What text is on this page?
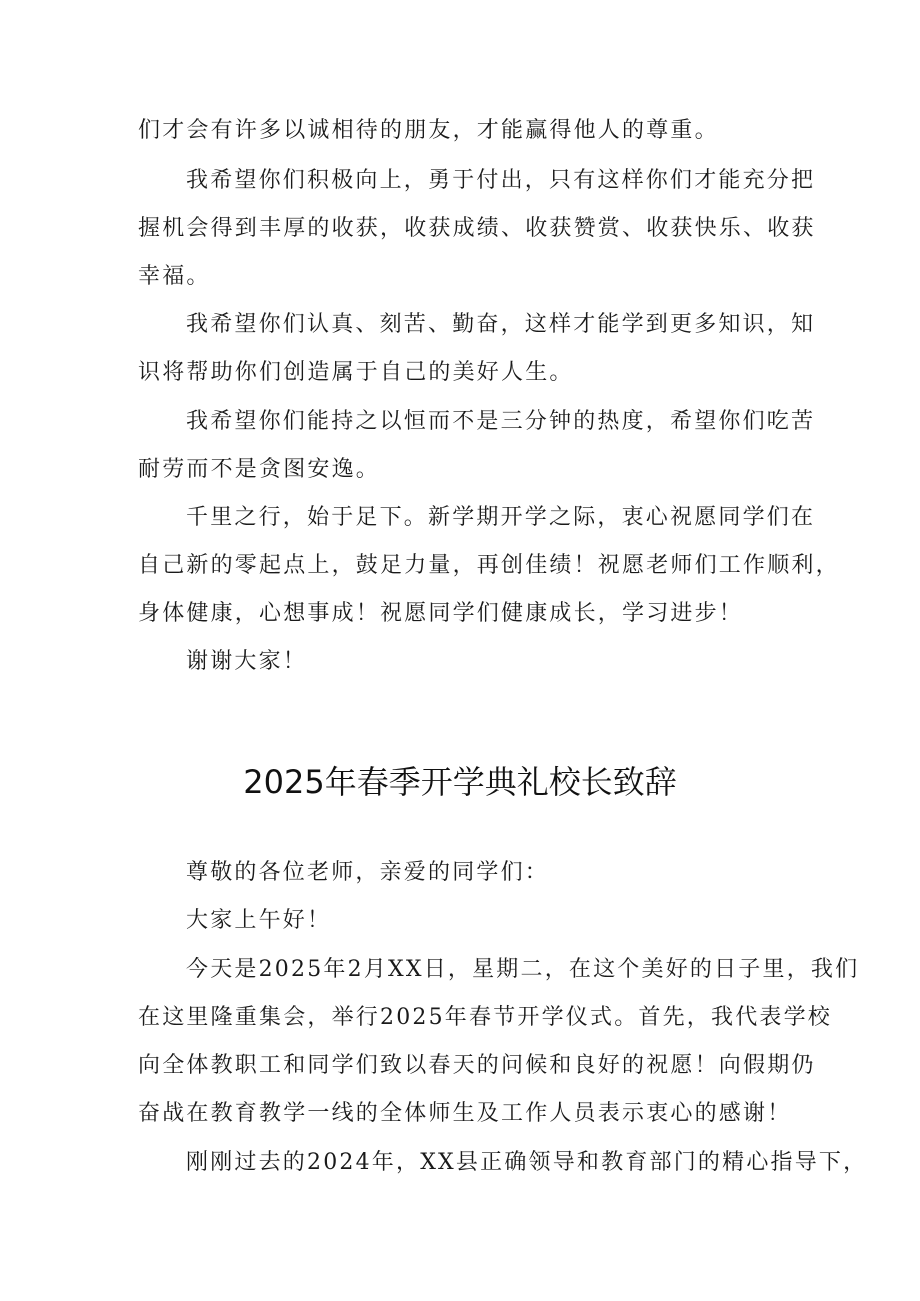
们才会有许多以诚相待的朋友，才能赢得他人的尊重。
我希望你们积极向上，勇于付出，只有这样你们才能充分把
握机会得到丰厚的收获，收获成绩、收获赞赏、收获快乐、收获
幸福。
我希望你们认真、刻苦、勤奋，这样才能学到更多知识，知
识将帮助你们创造属于自己的美好人生。
我希望你们能持之以恒而不是三分钟的热度，希望你们吃苦
耐劳而不是贪图安逸。
千里之行，始于足下。新学期开学之际，衷心祝愿同学们在
自己新的零起点上，鼓足力量，再创佳绩！祝愿老师们工作顺利，
身体健康，心想事成！祝愿同学们健康成长，学习进步！
谢谢大家！
2025年春季开学典礼校长致辞
尊敬的各位老师，亲爱的同学们：
大家上午好！
今天是2025年2月XX日，星期二，在这个美好的日子里，我们
在这里隆重集会，举行2025年春节开学仪式。首先，我代表学校
向全体教职工和同学们致以春天的问候和良好的祝愿！向假期仍
奋战在教育教学一线的全体师生及工作人员表示衷心的感谢！
刚刚过去的2024年，XX县正确领导和教育部门的精心指导下，
